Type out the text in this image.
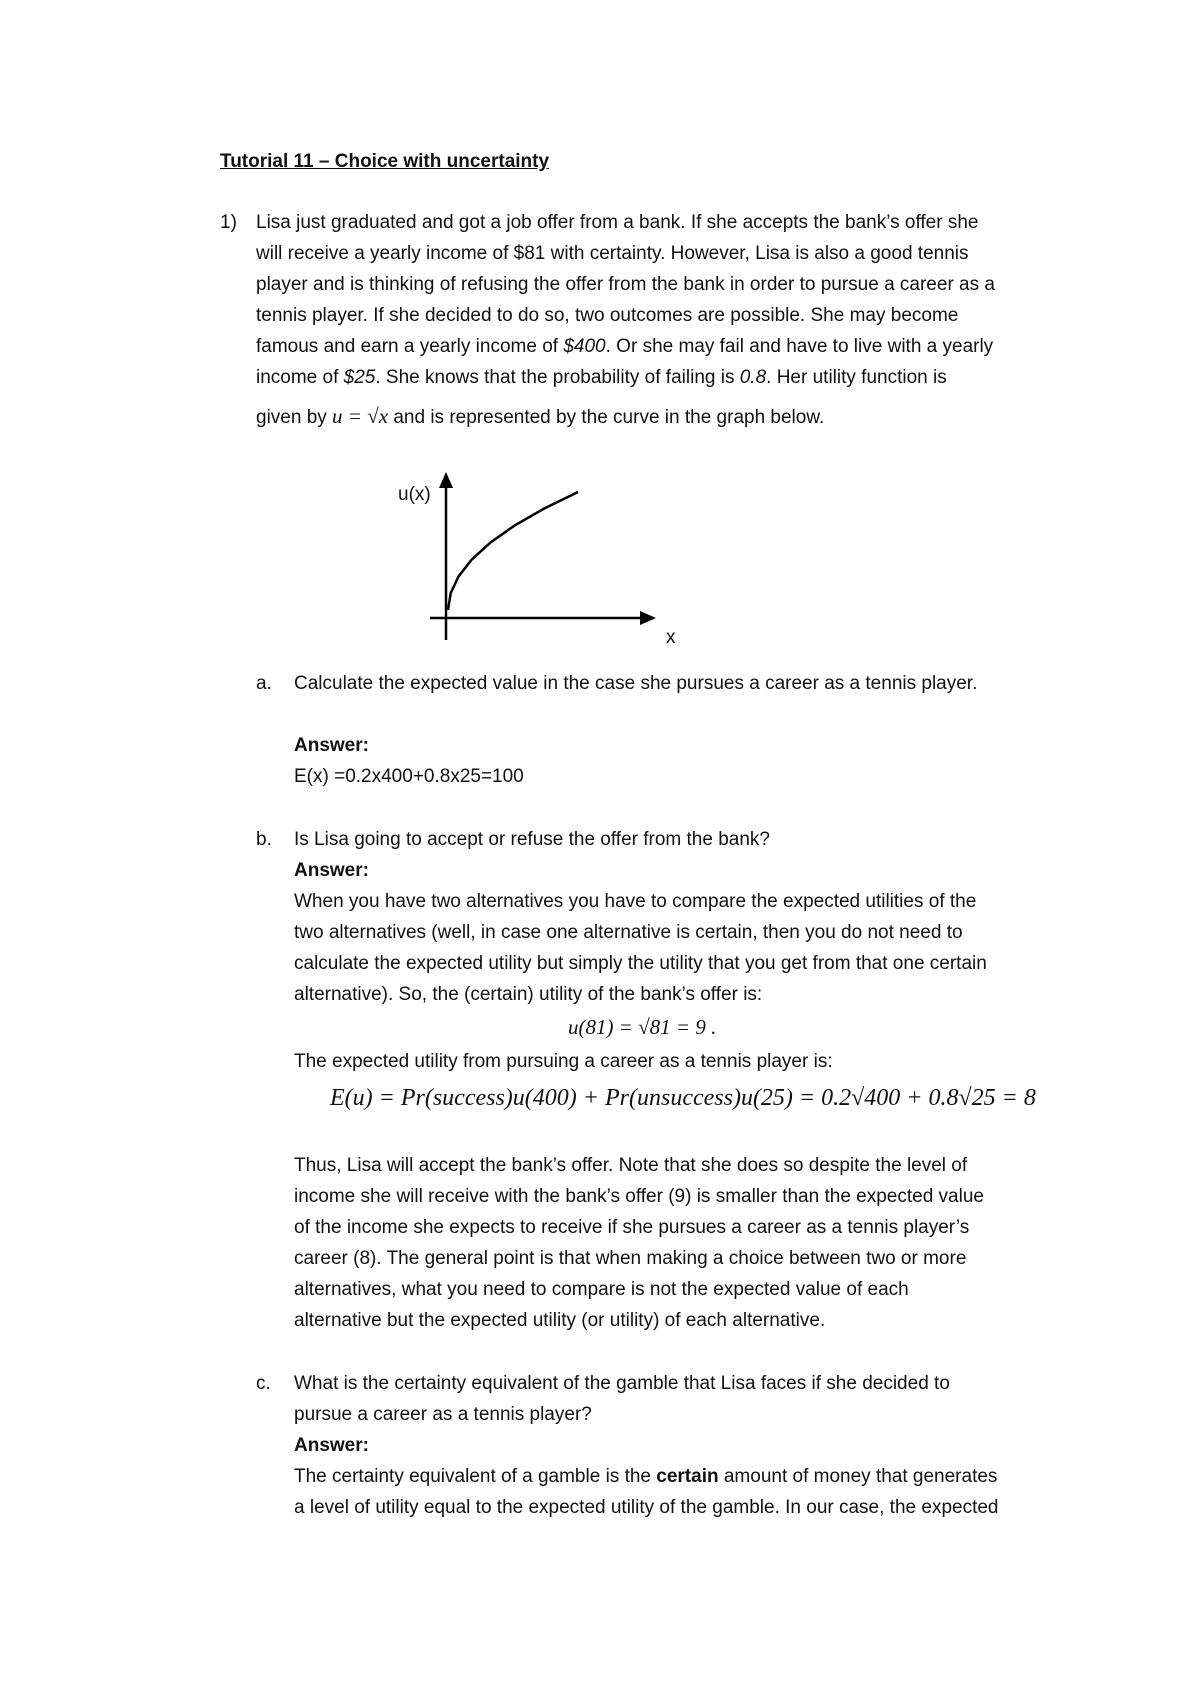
Tutorial 11 – Choice with uncertainty
1) Lisa just graduated and got a job offer from a bank. If she accepts the bank’s offer she
will receive a yearly income of $81 with certainty. However, Lisa is also a good tennis
player and is thinking of refusing the offer from the bank in order to pursue a career as a
tennis player. If she decided to do so, two outcomes are possible. She may become
famous and earn a yearly income of $400. Or she may fail and have to live with a yearly
income of $25. She knows that the probability of failing is 0.8. Her utility function is
given by u = √x and is represented by the curve in the graph below.
u(x)
x
a. Calculate the expected value in the case she pursues a career as a tennis player.
Answer:
E(x) =0.2x400+0.8x25=100
b. Is Lisa going to accept or refuse the offer from the bank?
Answer:
When you have two alternatives you have to compare the expected utilities of the
two alternatives (well, in case one alternative is certain, then you do not need to
calculate the expected utility but simply the utility that you get from that one certain
alternative). So, the (certain) utility of the bank’s offer is:
u(81) = √81 = 9 .
The expected utility from pursuing a career as a tennis player is:
E(u) = Pr(success)u(400) + Pr(unsuccess)u(25) = 0.2√400 + 0.8√25 = 8
Thus, Lisa will accept the bank’s offer. Note that she does so despite the level of
income she will receive with the bank’s offer (9) is smaller than the expected value
of the income she expects to receive if she pursues a career as a tennis player’s
career (8). The general point is that when making a choice between two or more
alternatives, what you need to compare is not the expected value of each
alternative but the expected utility (or utility) of each alternative.
c. What is the certainty equivalent of the gamble that Lisa faces if she decided to
pursue a career as a tennis player?
Answer:
The certainty equivalent of a gamble is the certain amount of money that generates
a level of utility equal to the expected utility of the gamble. In our case, the expected
